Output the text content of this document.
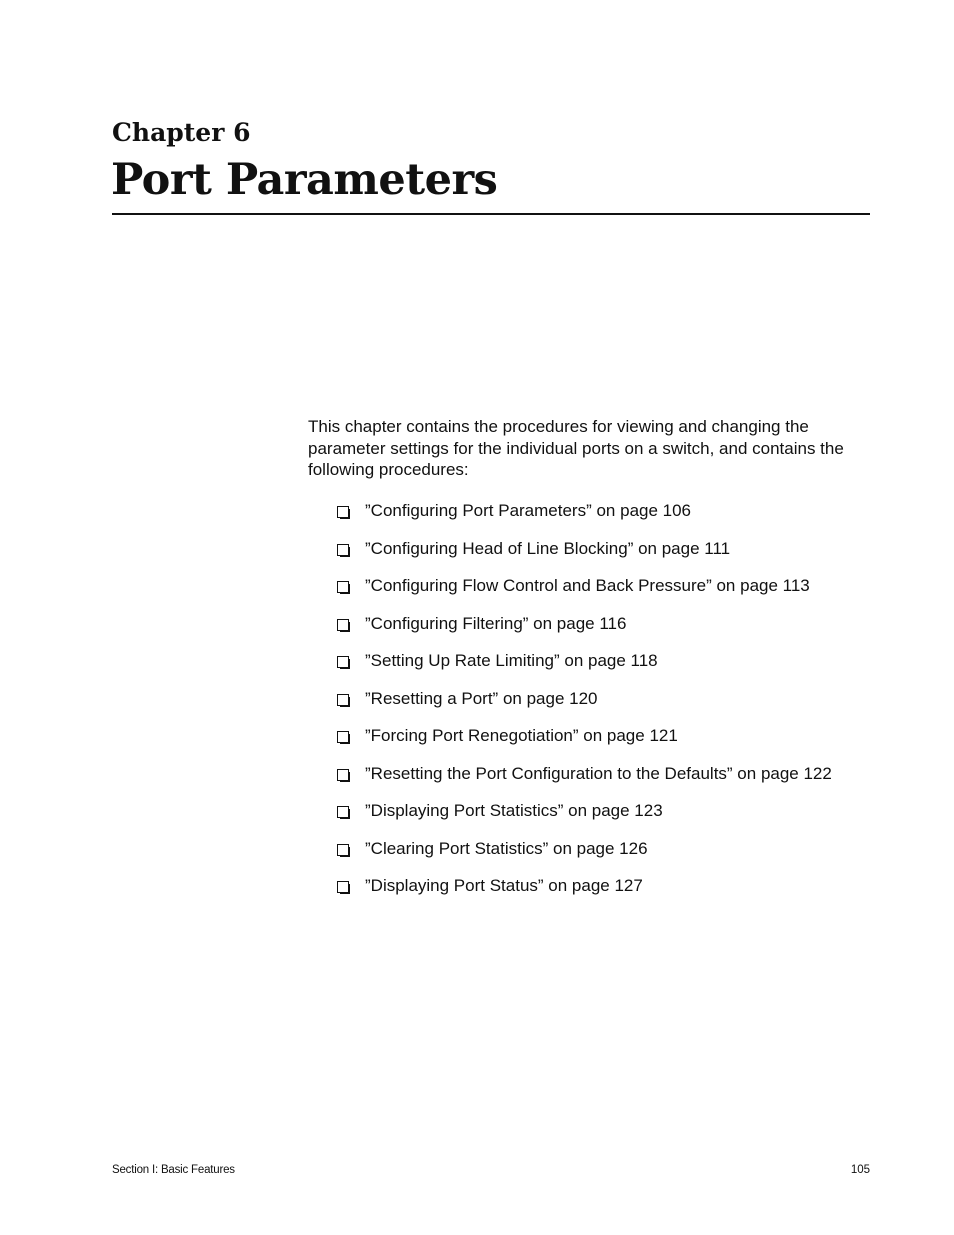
Chapter 6
Port Parameters

This chapter contains the procedures for viewing and changing the parameter settings for the individual ports on a switch, and contains the following procedures:

”Configuring Port Parameters” on page 106
”Configuring Head of Line Blocking” on page 111
”Configuring Flow Control and Back Pressure” on page 113
”Configuring Filtering” on page 116
”Setting Up Rate Limiting” on page 118
”Resetting a Port” on page 120
”Forcing Port Renegotiation” on page 121
”Resetting the Port Configuration to the Defaults” on page 122
”Displaying Port Statistics” on page 123
”Clearing Port Statistics” on page 126
”Displaying Port Status” on page 127
Section I: Basic Features	105
